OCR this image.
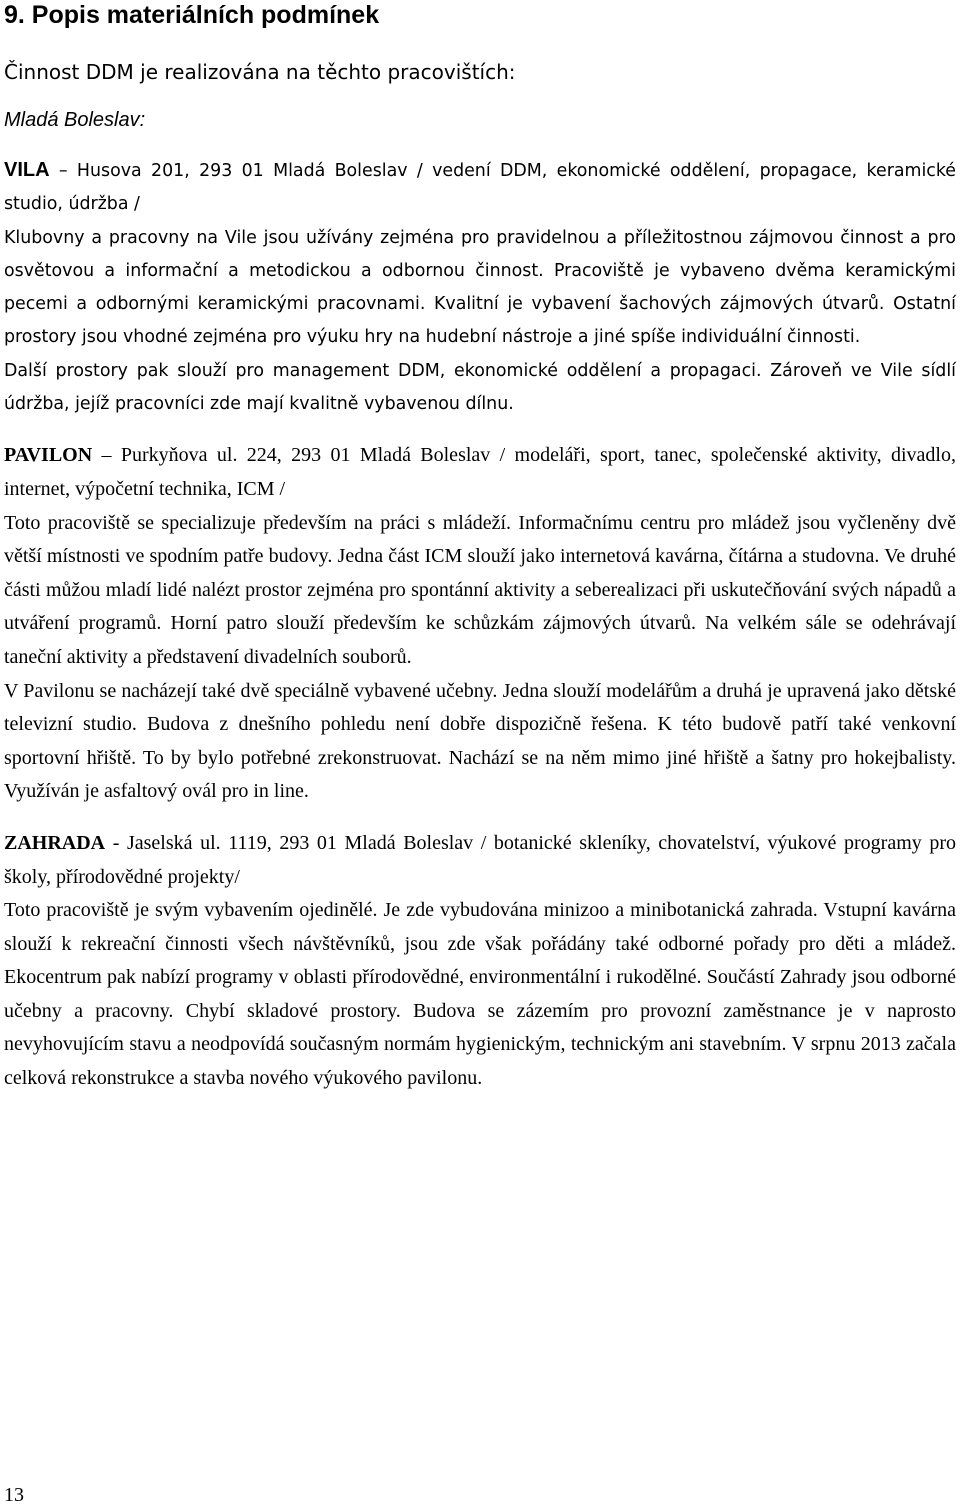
9. Popis materiálních podmínek

Činnost DDM je realizována na těchto pracovištích:

Mladá Boleslav:

VILA – Husova 201, 293 01 Mladá Boleslav / vedení DDM, ekonomické oddělení, propagace, keramické studio, údržba /

Klubovny a pracovny na Vile jsou užívány zejména pro pravidelnou a příležitostnou zájmovou činnost a pro osvětovou a informační a metodickou a odbornou činnost. Pracoviště je vybaveno dvěma keramickými pecemi a odbornými keramickými pracovnami. Kvalitní je vybavení šachových zájmových útvarů. Ostatní prostory jsou vhodné zejména pro výuku hry na hudební nástroje a jiné spíše individuální činnosti.

Další prostory pak slouží pro management DDM, ekonomické oddělení a propagaci. Zároveň ve Vile sídlí údržba, jejíž pracovníci zde mají kvalitně vybavenou dílnu.

PAVILON – Purkyňova ul. 224, 293 01 Mladá Boleslav / modeláři, sport, tanec, společenské aktivity, divadlo, internet, výpočetní technika, ICM /

Toto pracoviště se specializuje především na práci s mládeží. Informačnímu centru pro mládež jsou vyčleněny dvě větší místnosti ve spodním patře budovy. Jedna část ICM slouží jako internetová kavárna, čítárna a studovna. Ve druhé části můžou mladí lidé nalézt prostor zejména pro spontánní aktivity a seberealizaci při uskutečňování svých nápadů a utváření programů. Horní patro slouží především ke schůzkám zájmových útvarů. Na velkém sále se odehrávají taneční aktivity a představení divadelních souborů.

V Pavilonu se nacházejí také dvě speciálně vybavené učebny. Jedna slouží modelářům a druhá je upravená jako dětské televizní studio. Budova z dnešního pohledu není dobře dispozičně řešena. K této budově patří také venkovní sportovní hřiště. To by bylo potřebné zrekonstruovat. Nachází se na něm mimo jiné hřiště a šatny pro hokejbalisty. Využíván je asfaltový ovál pro in line.

ZAHRADA - Jaselská ul. 1119, 293 01 Mladá Boleslav / botanické skleníky, chovatelství, výukové programy pro školy, přírodovědné projekty/

Toto pracoviště je svým vybavením ojedinělé. Je zde vybudována minizoo a minibotanická zahrada. Vstupní kavárna slouží k rekreační činnosti všech návštěvníků, jsou zde však pořádány také odborné pořady pro děti a mládež. Ekocentrum pak nabízí programy v oblasti přírodovědné, environmentální i rukodělné. Součástí Zahrady jsou odborné učebny a pracovny. Chybí skladové prostory. Budova se zázemím pro provozní zaměstnance je v naprosto nevyhovujícím stavu a neodpovídá současným normám hygienickým, technickým ani stavebním. V srpnu 2013 začala celková rekonstrukce a stavba nového výukového pavilonu.

13
